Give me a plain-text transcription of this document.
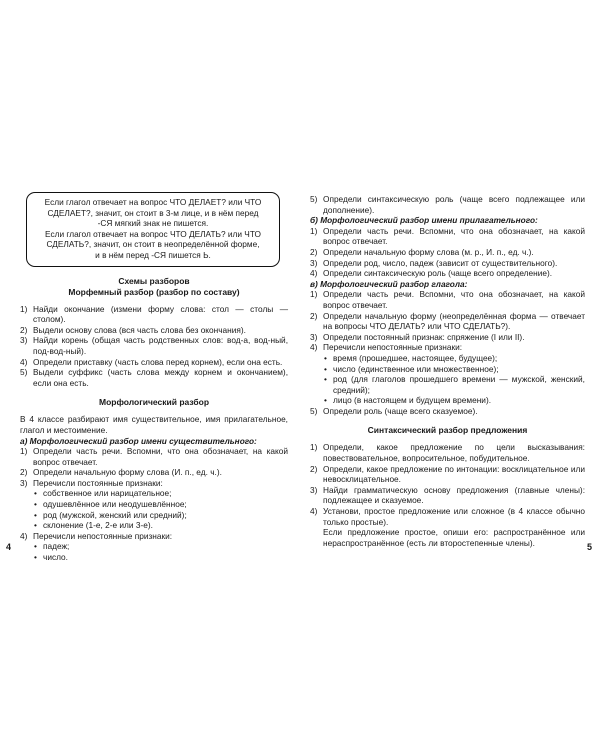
Если глагол отвечает на вопрос ЧТО ДЕЛАЕТ? или ЧТО
СДЕЛАЕТ?, значит, он стоит в 3-м лице, и в нём перед
-СЯ мягкий знак не пишется.
Если глагол отвечает на вопрос ЧТО ДЕЛАТЬ? или ЧТО
СДЕЛАТЬ?, значит, он стоит в неопределённой форме,
и в нём перед -СЯ пишется Ь.
Схемы разборов
Морфемный разбор (разбор по составу)
1) Найди окончание (измени форму слова: стол — столы — столом).
2) Выдели основу слова (вся часть слова без окончания).
3) Найди корень (общая часть родственных слов: вод-а, вод-ный, под-вод-ный).
4) Определи приставку (часть слова перед корнем), если она есть.
5) Выдели суффикс (часть слова между корнем и окончанием), если она есть.
Морфологический разбор
В 4 классе разбирают имя существительное, имя прилагательное, глагол и местоимение.
а) Морфологический разбор имени существительного:
1) Определи часть речи. Вспомни, что она обозначает, на какой вопрос отвечает.
2) Определи начальную форму слова (И. п., ед. ч.).
3) Перечисли постоянные признаки:
•
собственное или нарицательное;
•
одушевлённое или неодушевлённое;
•
род (мужской, женский или средний);
•
склонение (1-е, 2-е или 3-е).
4) Перечисли непостоянные признаки:
•
падеж;
•
число.
5) Определи синтаксическую роль (чаще всего подлежащее или дополнение).
б) Морфологический разбор имени прилагательного:
1) Определи часть речи. Вспомни, что она обозначает, на какой вопрос отвечает.
2) Определи начальную форму слова (м. р., И. п., ед. ч.).
3) Определи род, число, падеж (зависит от существительного).
4) Определи синтаксическую роль (чаще всего определение).
в) Морфологический разбор глагола:
1) Определи часть речи. Вспомни, что она обозначает, на какой вопрос отвечает.
2) Определи начальную форму (неопределённая форма — отвечает на вопросы ЧТО ДЕЛАТЬ? или ЧТО СДЕЛАТЬ?).
3) Определи постоянный признак: спряжение (I или II).
4) Перечисли непостоянные признаки:
•
время (прошедшее, настоящее, будущее);
•
число (единственное или множественное);
•
род (для глаголов прошедшего времени — мужской, женский, средний);
•
лицо (в настоящем и будущем времени).
5) Определи роль (чаще всего сказуемое).
Синтаксический разбор предложения
1) Определи, какое предложение по цели высказывания: повествовательное, вопросительное, побудительное.
2) Определи, какое предложение по интонации: восклицательное или невосклицательное.
3) Найди грамматическую основу предложения (главные члены): подлежащее и сказуемое.
4) Установи, простое предложение или сложное (в 4 классе обычно только простые).
Если предложение простое, опиши его: распространённое или нераспространённое (есть ли второстепенные члены).
4	5
